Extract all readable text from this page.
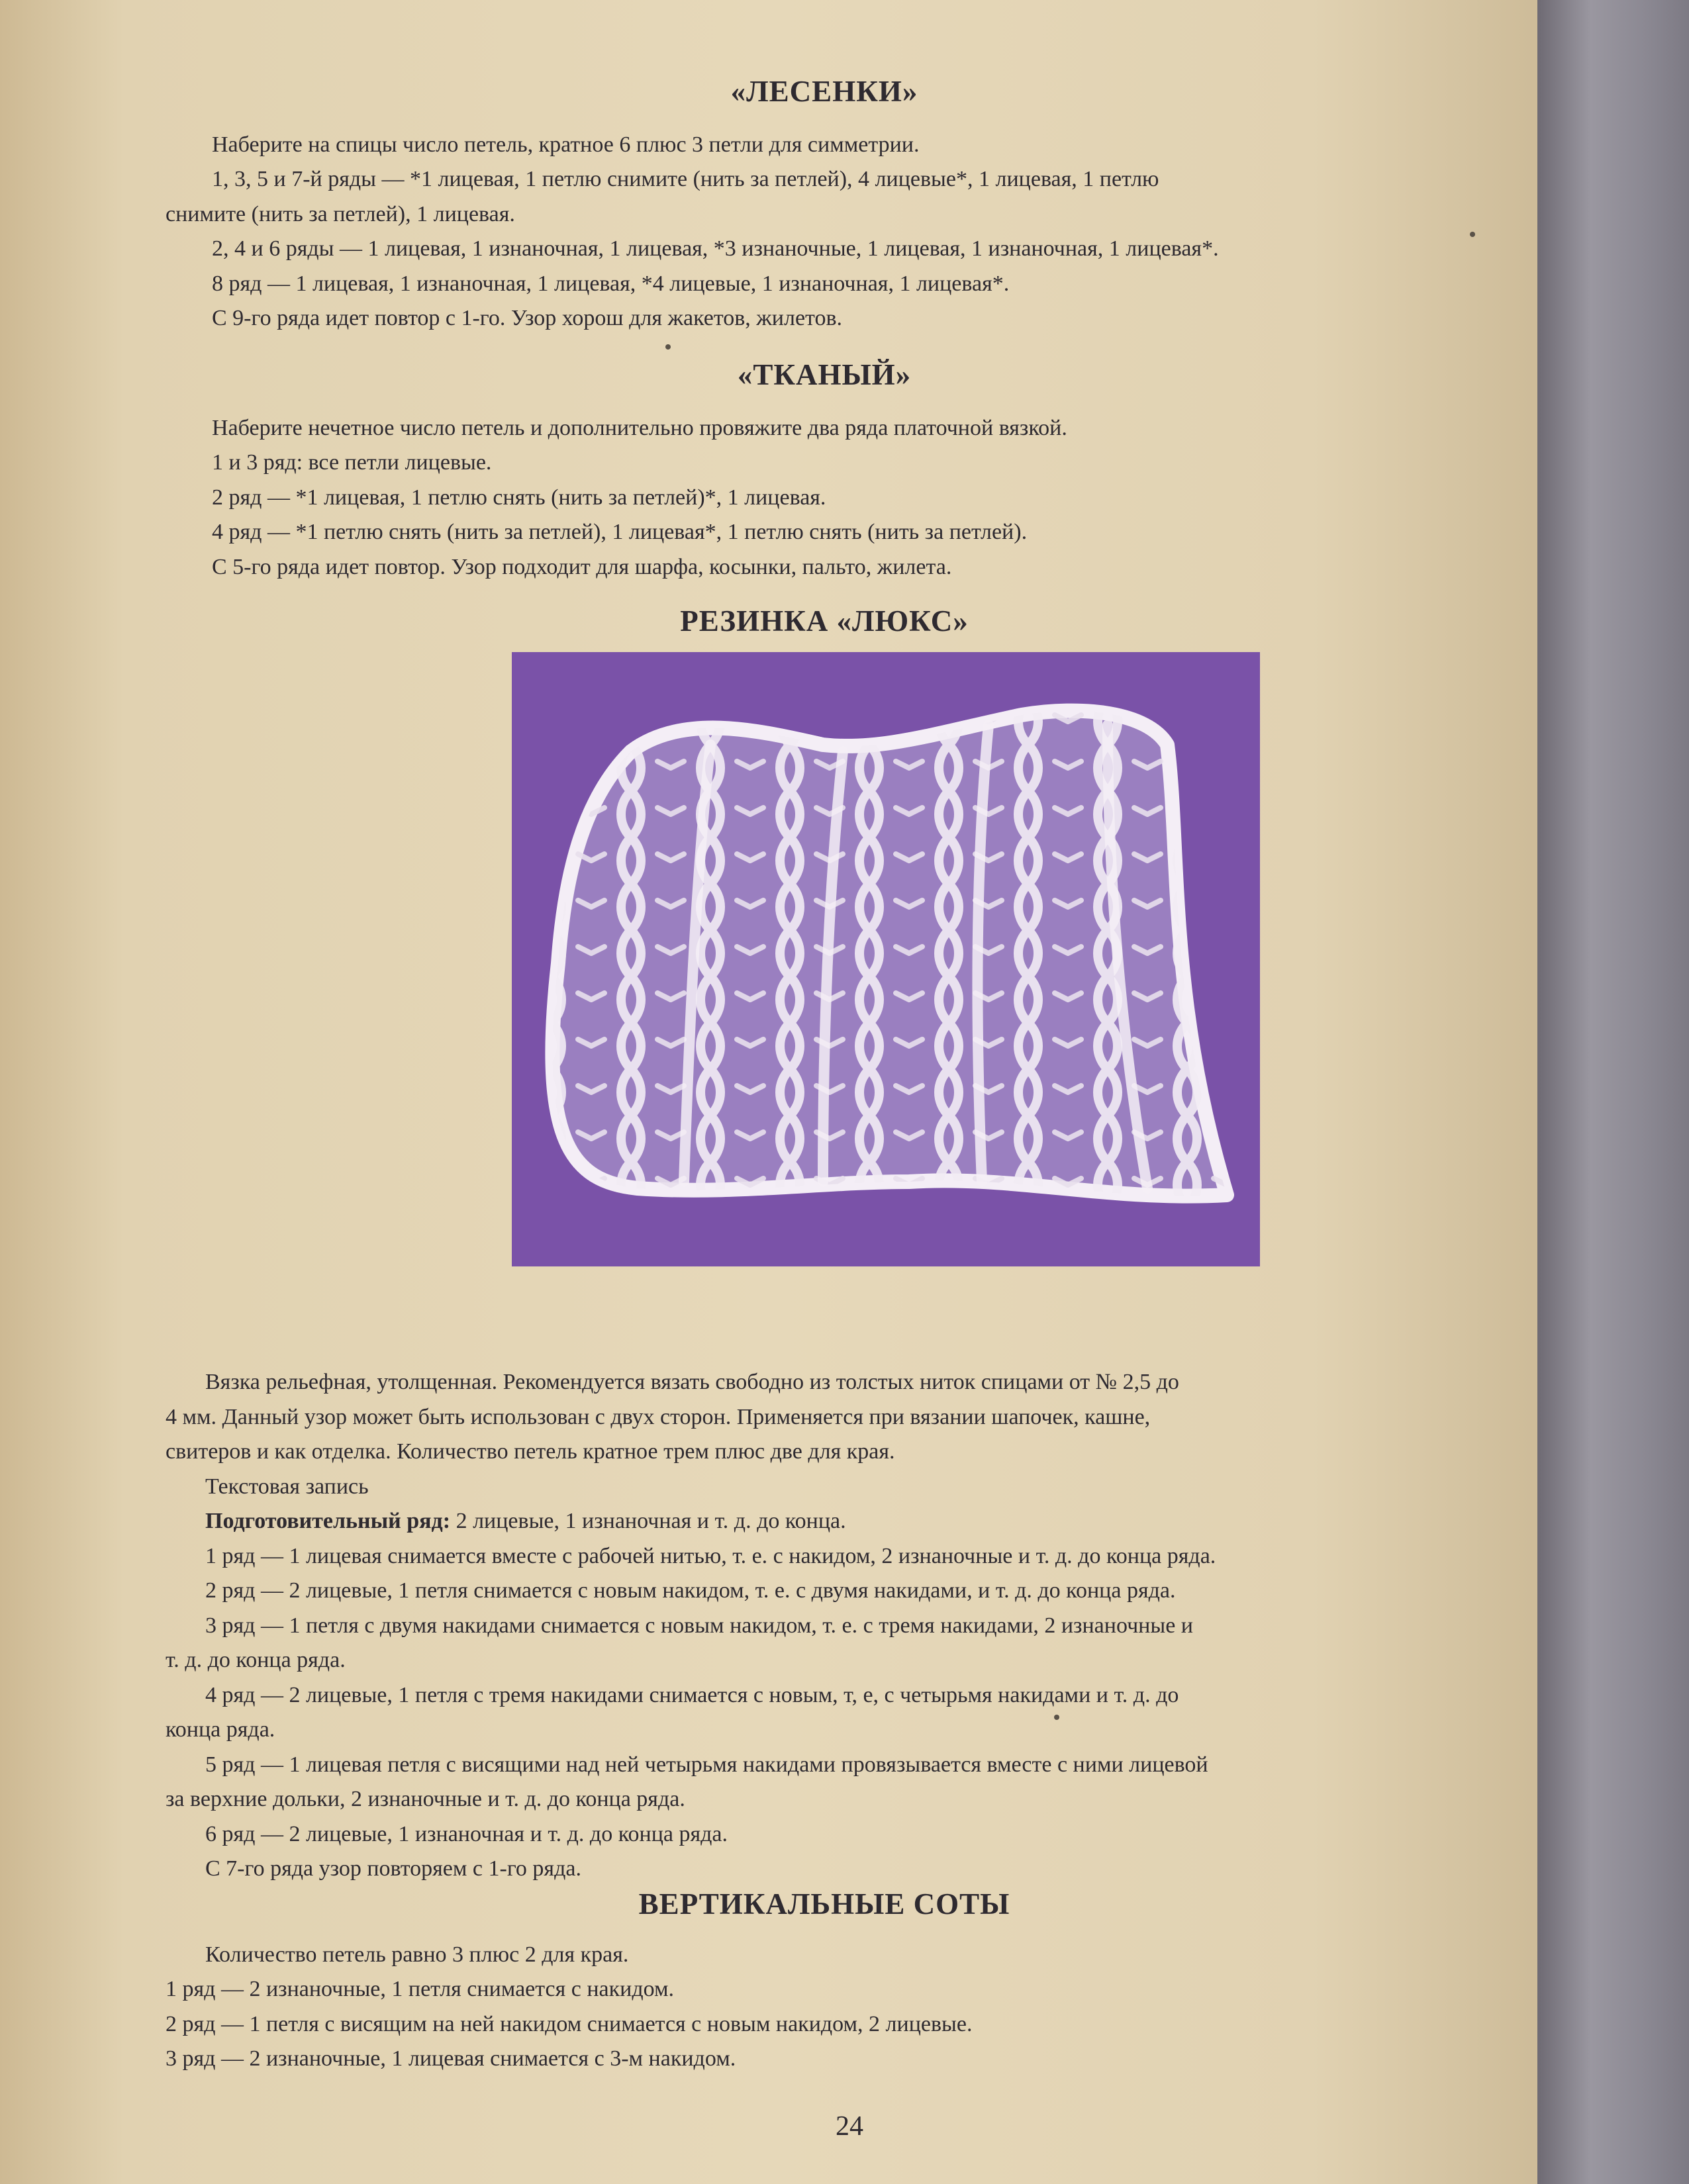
«ЛЕСЕНКИ»

Наберите на спицы число петель, кратное 6 плюс 3 петли для симметрии.

1, 3, 5 и 7-й ряды — *1 лицевая, 1 петлю снимите (нить за петлей), 4 лицевые*, 1 лицевая, 1 петлю

снимите (нить за петлей), 1 лицевая.

2, 4 и 6 ряды — 1 лицевая, 1 изнаночная, 1 лицевая, *3 изнаночные, 1 лицевая, 1 изнаночная, 1 лицевая*.

8 ряд — 1 лицевая, 1 изнаночная, 1 лицевая, *4 лицевые, 1 изнаночная, 1 лицевая*.

С 9-го ряда идет повтор с 1-го. Узор хорош для жакетов, жилетов.

«ТКАНЫЙ»

Наберите нечетное число петель и дополнительно провяжите два ряда платочной вязкой.

1 и 3 ряд: все петли лицевые.

2 ряд — *1 лицевая, 1 петлю снять (нить за петлей)*, 1 лицевая.

4 ряд — *1 петлю снять (нить за петлей), 1 лицевая*, 1 петлю снять (нить за петлей).

С 5-го ряда идет повтор. Узор подходит для шарфа, косынки, пальто, жилета.

РЕЗИНКА «ЛЮКС»

Вязка рельефная, утолщенная. Рекомендуется вязать свободно из толстых ниток спицами от № 2,5 до

4 мм. Данный узор может быть использован с двух сторон. Применяется при вязании шапочек, кашне,

свитеров и как отделка. Количество петель кратное трем плюс две для края.

Текстовая запись

Подготовительный ряд: 2 лицевые, 1 изнаночная и т. д. до конца.

1 ряд — 1 лицевая снимается вместе с рабочей нитью, т. е. с накидом, 2 изнаночные и т. д. до конца ряда.

2 ряд — 2 лицевые, 1 петля снимается с новым накидом, т. е. с двумя накидами, и т. д. до конца ряда.

3 ряд — 1 петля с двумя накидами снимается с новым накидом, т. е. с тремя накидами, 2 изнаночные и

т. д. до конца ряда.

4 ряд — 2 лицевые, 1 петля с тремя накидами снимается с новым, т, е, с четырьмя накидами и т. д. до

конца ряда.

5 ряд — 1 лицевая петля с висящими над ней четырьмя накидами провязывается вместе с ними лицевой

за верхние дольки, 2 изнаночные и т. д. до конца ряда.

6 ряд — 2 лицевые, 1 изнаночная и т. д. до конца ряда.

С 7-го ряда узор повторяем с 1-го ряда.

ВЕРТИКАЛЬНЫЕ СОТЫ

Количество петель равно 3 плюс 2 для края.

1 ряд — 2 изнаночные, 1 петля снимается с накидом.

2 ряд — 1 петля с висящим на ней накидом снимается с новым накидом, 2 лицевые.

3 ряд — 2 изнаночные, 1 лицевая снимается с 3-м накидом.

24
